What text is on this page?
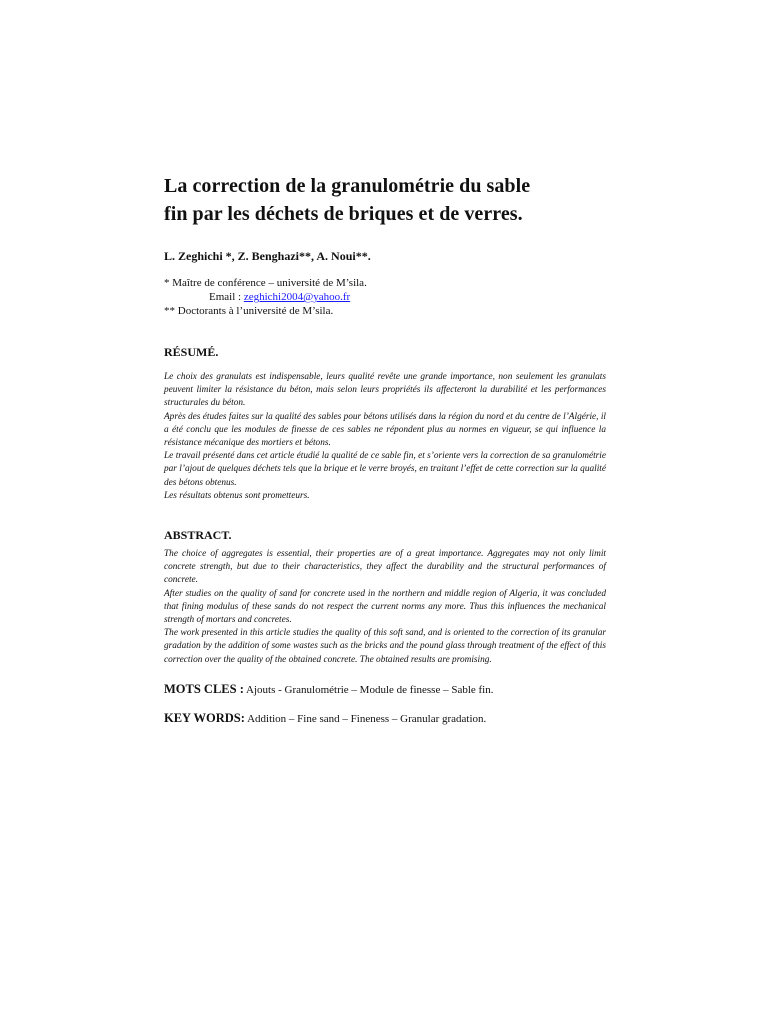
La correction de la granulométrie du sable
fin par les déchets de briques et de verres.
L. Zeghichi *, Z. Benghazi**, A. Noui**.
* Maître de conférence – université de M’sila.
Email : zeghichi2004@yahoo.fr
** Doctorants à l’université de M’sila.
RÉSUMÉ.

Le choix des granulats est indispensable, leurs qualité revête une grande importance, non seulement les granulats peuvent limiter la résistance du béton, mais selon leurs propriétés ils affecteront la durabilité et les performances structurales du béton.

Après des études faites sur la qualité des sables pour bétons utilisés dans la région du nord et du centre de l’Algérie, il a été conclu que les modules de finesse de ces sables ne répondent plus au normes en vigueur, se qui influence la résistance mécanique des mortiers et bétons.

Le travail présenté dans cet article étudié la qualité de ce sable fin, et s’oriente vers la correction de sa granulométrie par l’ajout de quelques déchets tels que la brique et le verre broyés, en traitant l’effet de cette correction sur la qualité des bétons obtenus.

Les résultats obtenus sont prometteurs.

ABSTRACT.

The choice of aggregates is essential, their properties are of a great importance. Aggregates may not only limit concrete strength, but due to their characteristics, they affect the durability and the structural performances of concrete.

After studies on the quality of sand for concrete used in the northern and middle region of Algeria, it was concluded that fining modulus of these sands do not respect the current norms any more. Thus this influences the mechanical strength of mortars and concretes.

The work presented in this article studies the quality of this soft sand, and is oriented to the correction of its granular gradation by the addition of some wastes such as the bricks and the pound glass through treatment of the effect of this correction over the quality of the obtained concrete. The obtained results are promising.

MOTS CLES : Ajouts - Granulométrie – Module de finesse – Sable fin.
KEY WORDS: Addition – Fine sand – Fineness – Granular gradation.
